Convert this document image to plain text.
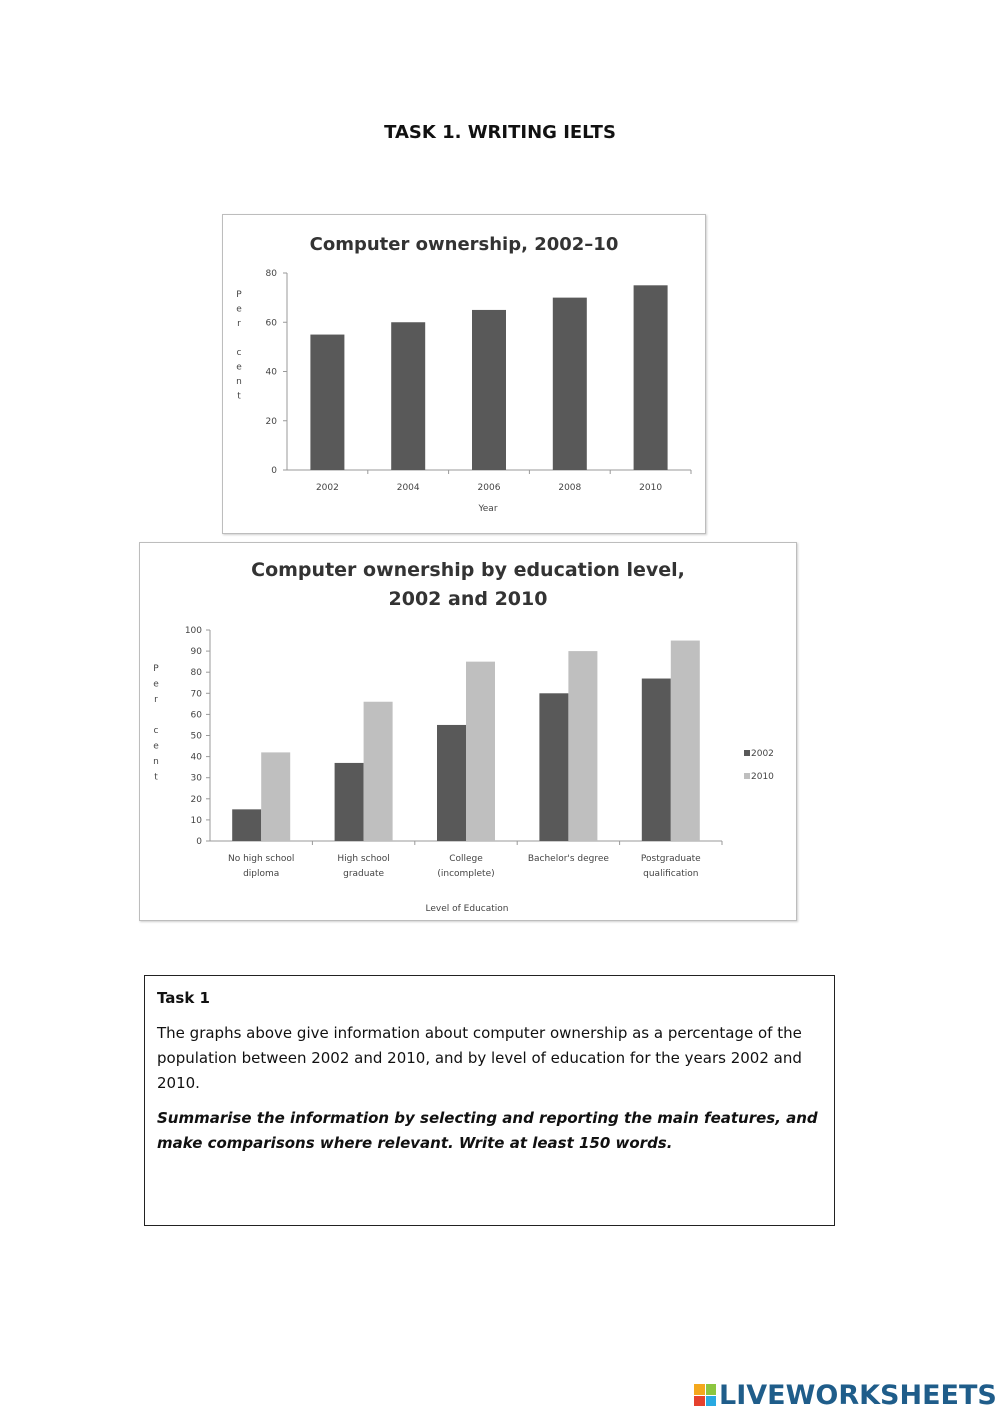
TASK 1. WRITING IELTS
Computer ownership, 2002–10
0
20
40
60
80
P
e
r
c
e
n
t
2002	2004	2006	2008	2010
Year
Computer ownership by education level,
2002 and 2010
0
10
20
30
40
50
60
70
80
90
100
P
e
r
c
e
n
t
No high school
diploma
High school
graduate
College
(incomplete)
Bachelor's degree	Postgraduate
qualification
Level of Education
2002
2010

Task 1

The graphs above give information about computer ownership as a percentage of the population between 2002 and 2010, and by level of education for the years 2002 and 2010.

Summarise the information by selecting and reporting the main features, and make comparisons where relevant. Write at least 150 words.

LIVEWORKSHEETS
